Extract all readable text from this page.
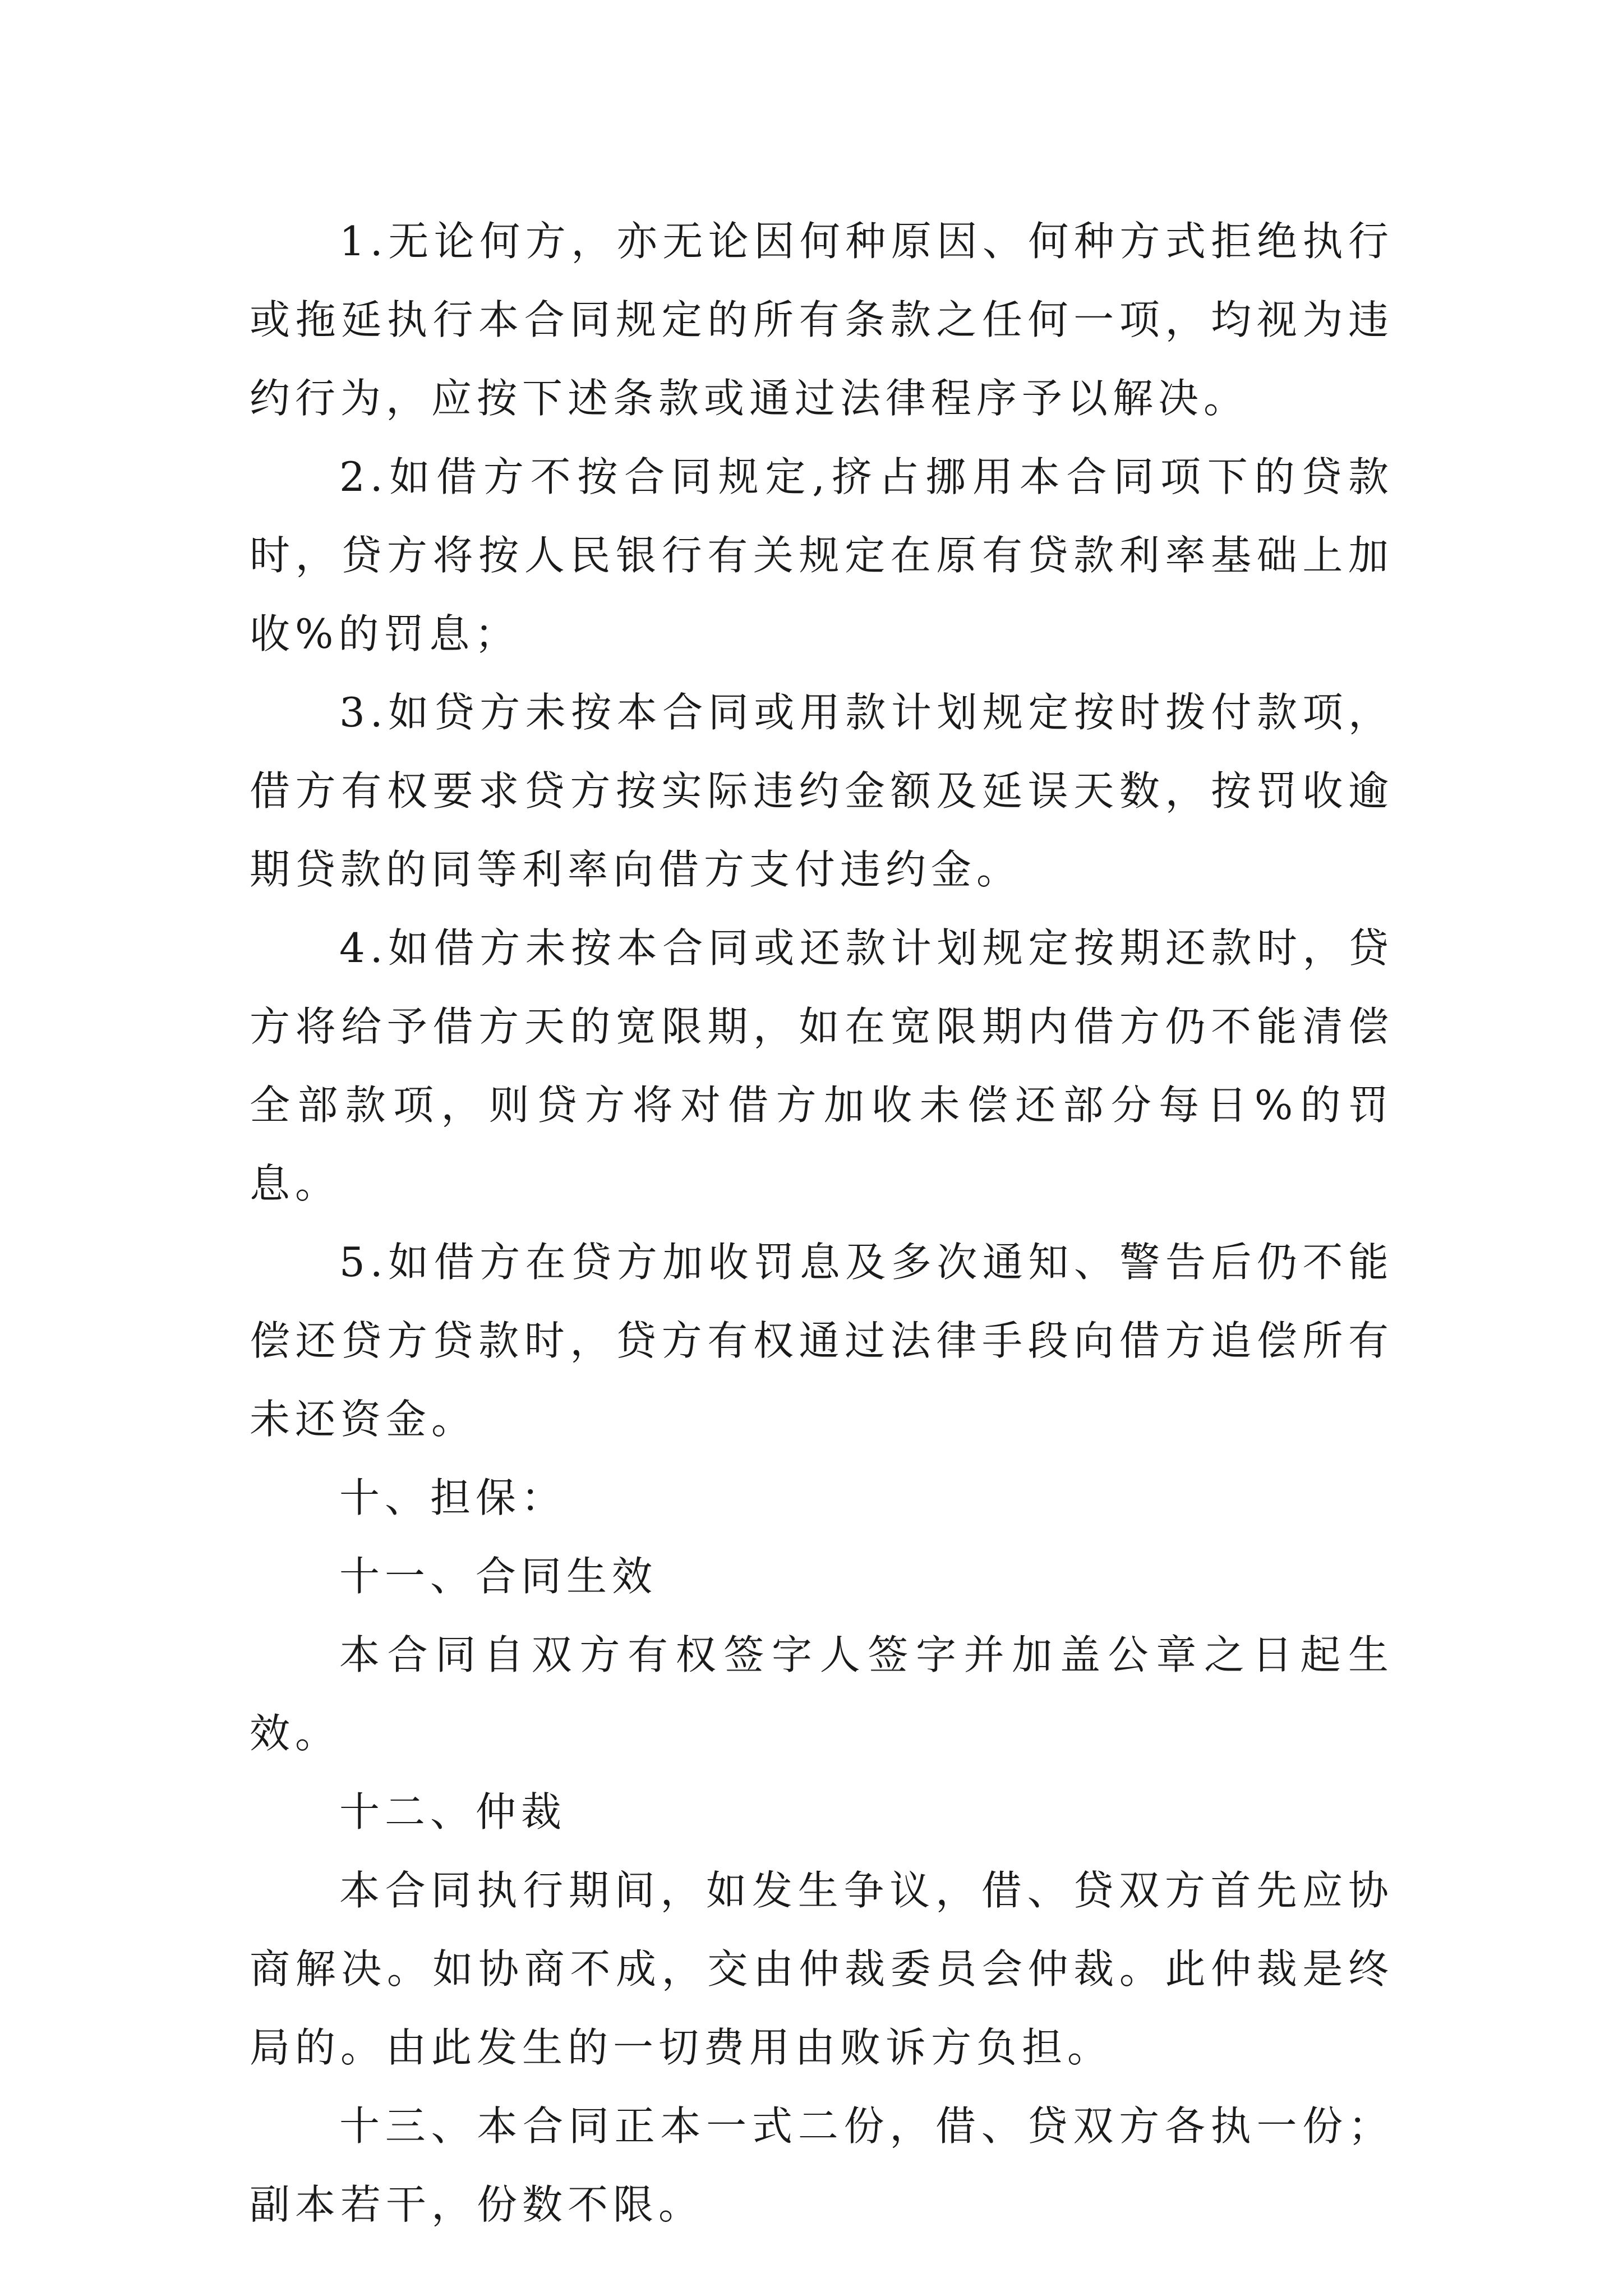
1.无论何方，亦无论因何种原因、何种方式拒绝执行或拖延执行本合同规定的所有条款之任何一项，均视为违约行为，应按下述条款或通过法律程序予以解决。

2.如借方不按合同规定,挤占挪用本合同项下的贷款时，贷方将按人民银行有关规定在原有贷款利率基础上加收%的罚息；

3.如贷方未按本合同或用款计划规定按时拨付款项，借方有权要求贷方按实际违约金额及延误天数，按罚收逾期贷款的同等利率向借方支付违约金。

4.如借方未按本合同或还款计划规定按期还款时，贷方将给予借方天的宽限期，如在宽限期内借方仍不能清偿全部款项，则贷方将对借方加收未偿还部分每日%的罚息。

5.如借方在贷方加收罚息及多次通知、警告后仍不能偿还贷方贷款时，贷方有权通过法律手段向借方追偿所有未还资金。

十、担保：

十一、合同生效

本合同自双方有权签字人签字并加盖公章之日起生效。

十二、仲裁

本合同执行期间，如发生争议，借、贷双方首先应协商解决。如协商不成，交由仲裁委员会仲裁。此仲裁是终局的。由此发生的一切费用由败诉方负担。

十三、本合同正本一式二份，借、贷双方各执一份；副本若干，份数不限。
